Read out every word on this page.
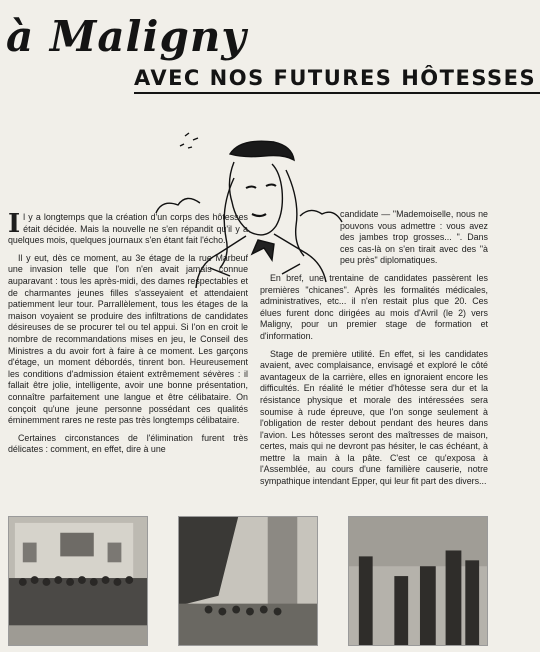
à Maligny
AVEC NOS FUTURES HÔTESSES

Il y a longtemps que la création d'un corps des hôtesses était décidée. Mais la nouvelle ne s'en répandit qu'il y a quelques mois, quelques journaux s'en étant fait l'écho.

Il y eut, dès ce moment, au 3e étage de la rue Marbeuf une invasion telle que l'on n'en avait jamais connue auparavant : tous les après-midi, des dames respectables et de charmantes jeunes filles s'asseyaient et attendaient patiemment leur tour. Parrallèlement, tous les étages de la maison voyaient se produire des infiltrations de candidates désireuses de se procurer tel ou tel appui. Si l'on en croit le nombre de recommandations mises en jeu, le Conseil des Ministres a du avoir fort à faire à ce moment. Les garçons d'étage, un moment débordés, tinrent bon. Heureusement les conditions d'admission étaient extrêmement sévères : il fallait être jolie, intelligente, avoir une bonne présentation, connaître parfaitement une langue et être célibataire. On conçoit qu'une jeune personne possédant ces qualités éminemment rares ne reste pas très longtemps célibataire.

Certaines circonstances de l'élimination furent très délicates : comment, en effet, dire à une

candidate — "Mademoiselle, nous ne pouvons vous admettre : vous avez des jambes trop grosses... ". Dans ces cas-là on s'en tirait avec des "à peu près" diplomatiques.

En bref, une trentaine de candidates passèrent les premières "chicanes". Après les formalités médicales, administratives, etc... il n'en restait plus que 20. Ces élues furent donc dirigées au mois d'Avril (le 2) vers Maligny, pour un premier stage de formation et d'information.

Stage de première utilité. En effet, si les candidates avaient, avec complaisance, envisagé et exploré le côté avantageux de la carrière, elles en ignoraient encore les difficultés. En réalité le métier d'hôtesse sera dur et la résistance physique et morale des intéressées sera soumise à rude épreuve, que l'on songe seulement à l'obligation de rester debout pendant des heures dans l'avion. Les hôtesses seront des maîtresses de maison, certes, mais qui ne devront pas hésiter, le cas échéant, à mettre la main à la pâte. C'est ce qu'exposa à l'Assemblée, au cours d'une familière causerie, notre sympathique intendant Epper, qui leur fit part des divers...
